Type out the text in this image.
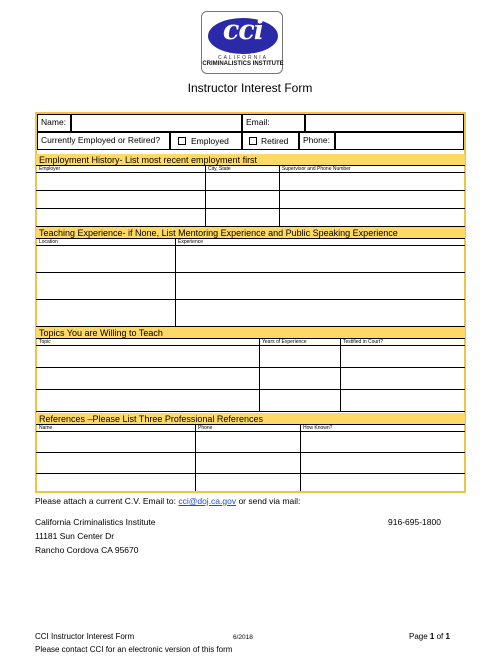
cci
CALIFORNIA
CRIMINALISTICS INSTITUTE
Instructor Interest Form
Name:	Email:
Currently Employed or Retired?	Employed	Retired	Phone:
Employment History- List most recent employment first
Employer	City, State	Supervisor and Phone Number
Teaching Experience- if None, List Mentoring Experience and Public Speaking Experience
Location	Experience
Topics You are Willing to Teach
Topic	Years of Experience	Testified in Court?
References –Please List Three Professional References
Name	Phone	How Known?
Please attach a current C.V. Email to: cci@doj.ca.gov or send via mail:
California Criminalistics Institute
11181 Sun Center Dr
Rancho Cordova CA 95670
916-695-1800
CCI Instructor Interest Form	6/2018	Page 1 of 1
Please contact CCI for an electronic version of this form
